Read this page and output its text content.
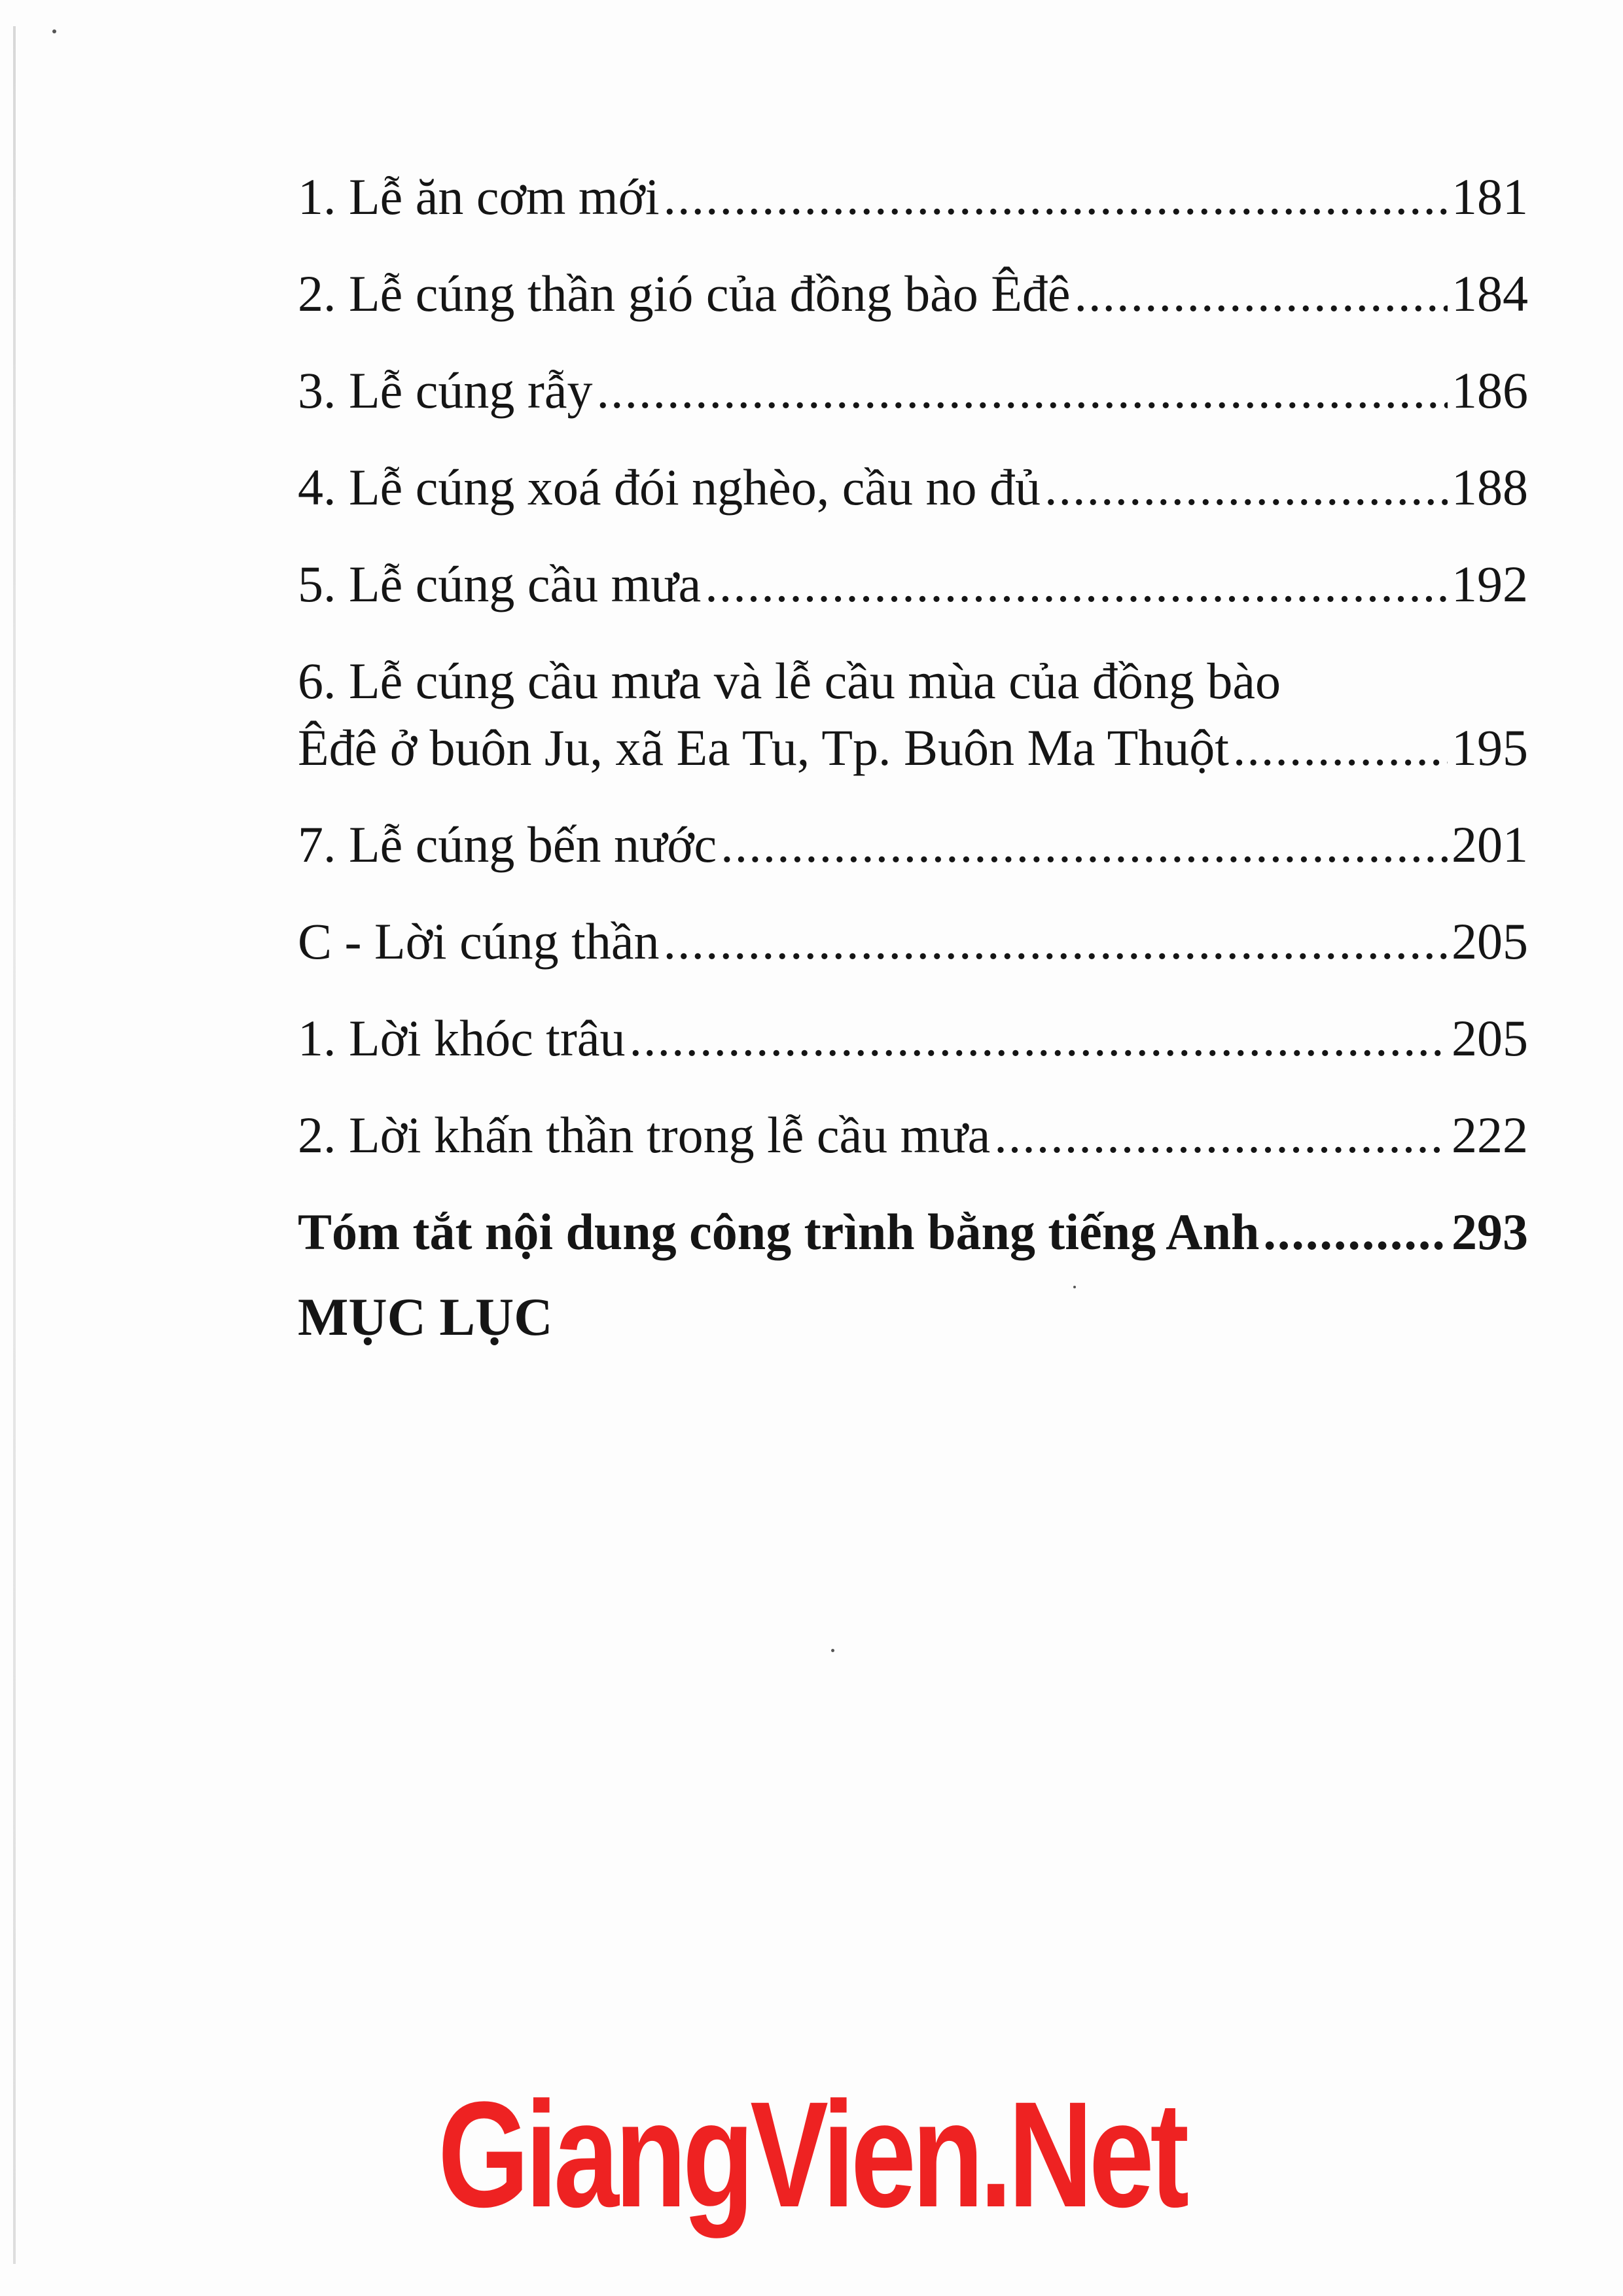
1. Lễ ăn cơm mới .....	181
2. Lễ cúng thần gió của đồng bào Êđê .....	184
3. Lễ cúng rẫy .....	186
4. Lễ cúng xoá đói nghèo, cầu no đủ .....	188
5. Lễ cúng cầu mưa .....	192
6. Lễ cúng cầu mưa và lễ cầu mùa của đồng bào
Êđê ở buôn Ju, xã Ea Tu, Tp. Buôn Ma Thuột .....	195
7. Lễ cúng bến nước .....	201
C - Lời cúng thần .....	205
1. Lời khóc trâu .....	205
2. Lời khấn thần trong lễ cầu mưa .....	222
Tóm tắt nội dung công trình bằng tiếng Anh .....	293
MỤC LỤC
GiangVien.Net
